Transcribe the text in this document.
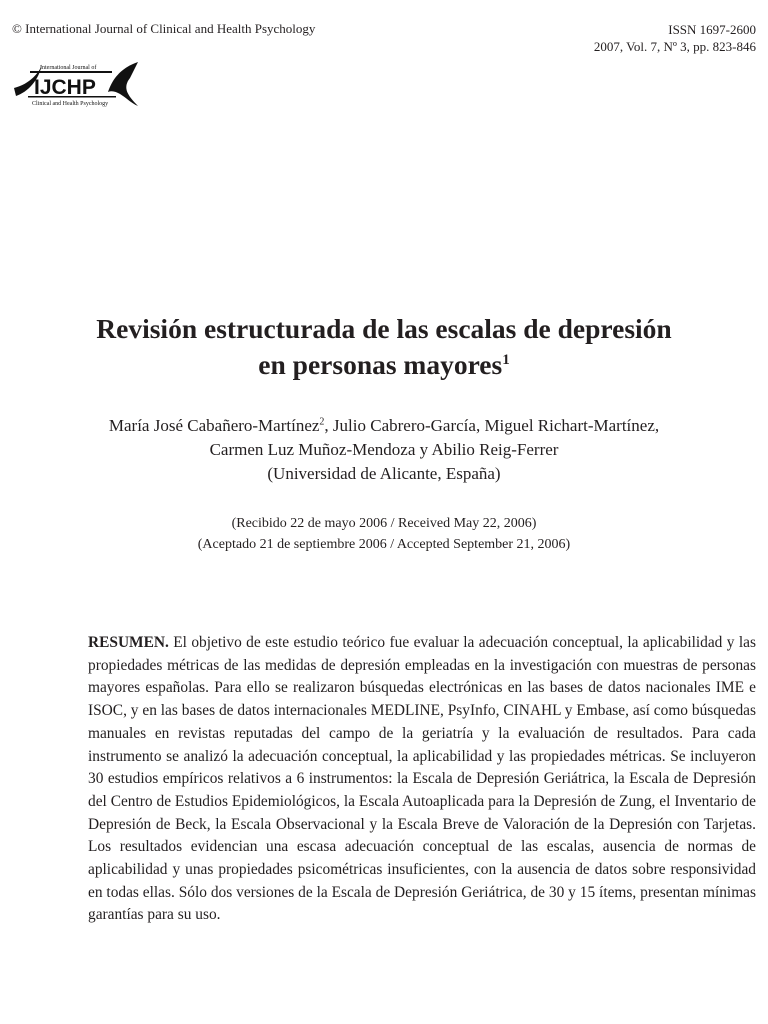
© International Journal of Clinical and Health Psychology	ISSN 1697-2600
2007, Vol. 7, Nº 3, pp. 823-846
International Journal of
IJCHP
Clinical and Health Psychology
Revisión estructurada de las escalas de depresión
en personas mayores$^1$
María José Cabañero-Martínez$^2$, Julio Cabrero-García, Miguel Richart-Martínez,
Carmen Luz Muñoz-Mendoza y Abilio Reig-Ferrer
(Universidad de Alicante, España)
(Recibido 22 de mayo 2006 / Received May 22, 2006)
(Aceptado 21 de septiembre 2006 / Accepted September 21, 2006)
RESUMEN. El objetivo de este estudio teórico fue evaluar la adecuación conceptual, la aplicabilidad y las propiedades métricas de las medidas de depresión empleadas en la investigación con muestras de personas mayores españolas. Para ello se realizaron búsquedas electrónicas en las bases de datos nacionales IME e ISOC, y en las bases de datos internacionales MEDLINE, PsyInfo, CINAHL y Embase, así como búsquedas manuales en revistas reputadas del campo de la geriatría y la evaluación de resultados. Para cada instrumento se analizó la adecuación conceptual, la aplicabilidad y las propiedades métricas. Se incluyeron 30 estudios empíricos relativos a 6 instrumentos: la Escala de Depresión Geriátrica, la Escala de Depresión del Centro de Estudios Epidemiológicos, la Escala Autoaplicada para la Depresión de Zung, el Inventario de Depresión de Beck, la Escala Observacional y la Escala Breve de Valoración de la Depresión con Tarjetas. Los resultados evidencian una escasa adecuación conceptual de las escalas, ausencia de normas de aplicabilidad y unas propiedades psicométricas insuficientes, con la ausencia de datos sobre responsividad en todas ellas. Sólo dos versiones de la Escala de Depresión Geriátrica, de 30 y 15 ítems, presentan mínimas garantías para su uso.
